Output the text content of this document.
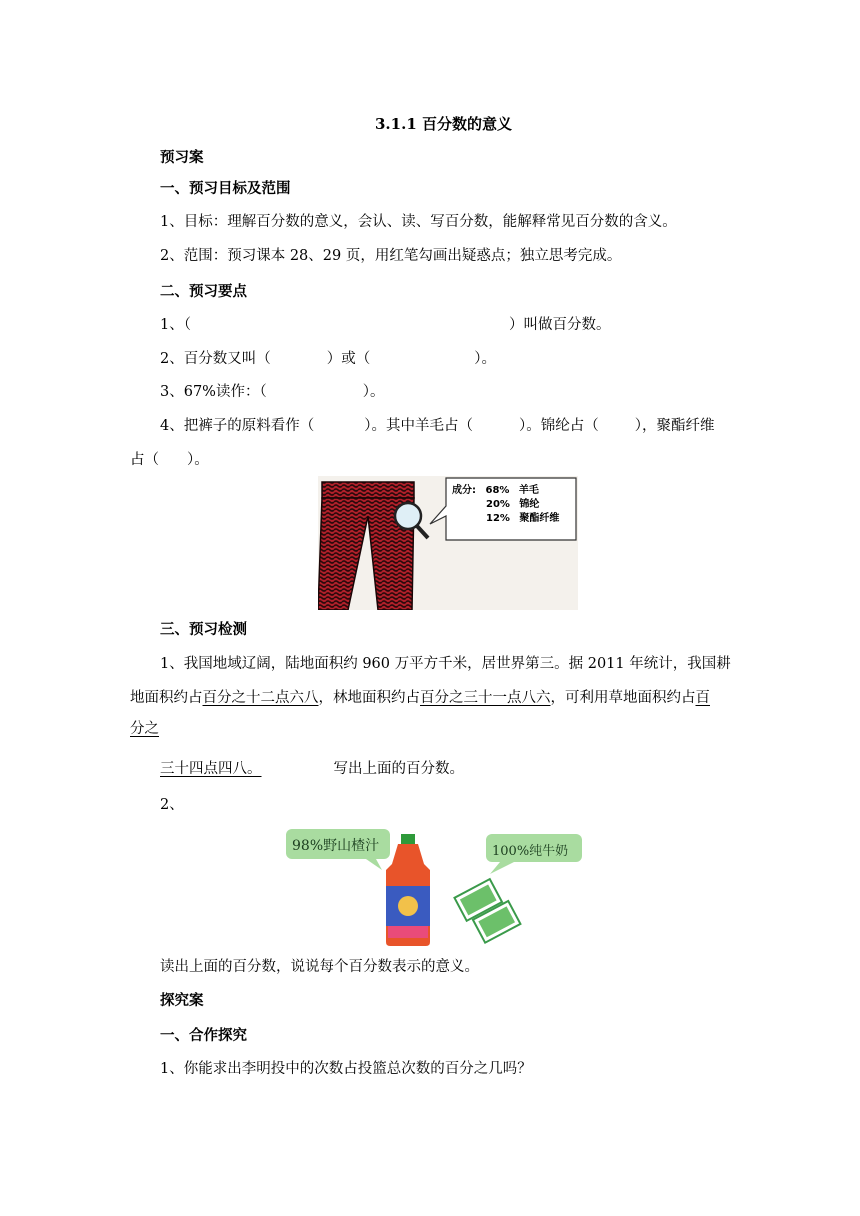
3.1.1 百分数的意义
预习案
一、预习目标及范围
1、目标：理解百分数的意义，会认、读、写百分数，能解释常见百分数的含义。
2、范围：预习课本 28、29 页，用红笔勾画出疑惑点；独立思考完成。
二、预习要点
1、（	）叫做百分数。
2、百分数又叫（	）或（	）。
3、67%读作：（	）。
4、把裤子的原料看作（	）。其中羊毛占（	）。锦纶占（ ），聚酯纤维
占（ ）。
成分: 68% 羊毛
20% 锦纶
12% 聚酯纤维
三、预习检测
1、我国地域辽阔，陆地面积约 960 万平方千米，居世界第三。据 2011 年统计，我国耕
地面积约占百分之十二点六八，林地面积约占百分之三十一点八六，可利用草地面积约占百
分之
三十四点四八。	写出上面的百分数。
2、
98%野山楂汁	100%纯牛奶
读出上面的百分数，说说每个百分数表示的意义。
探究案
一、合作探究
1、你能求出李明投中的次数占投篮总次数的百分之几吗？
